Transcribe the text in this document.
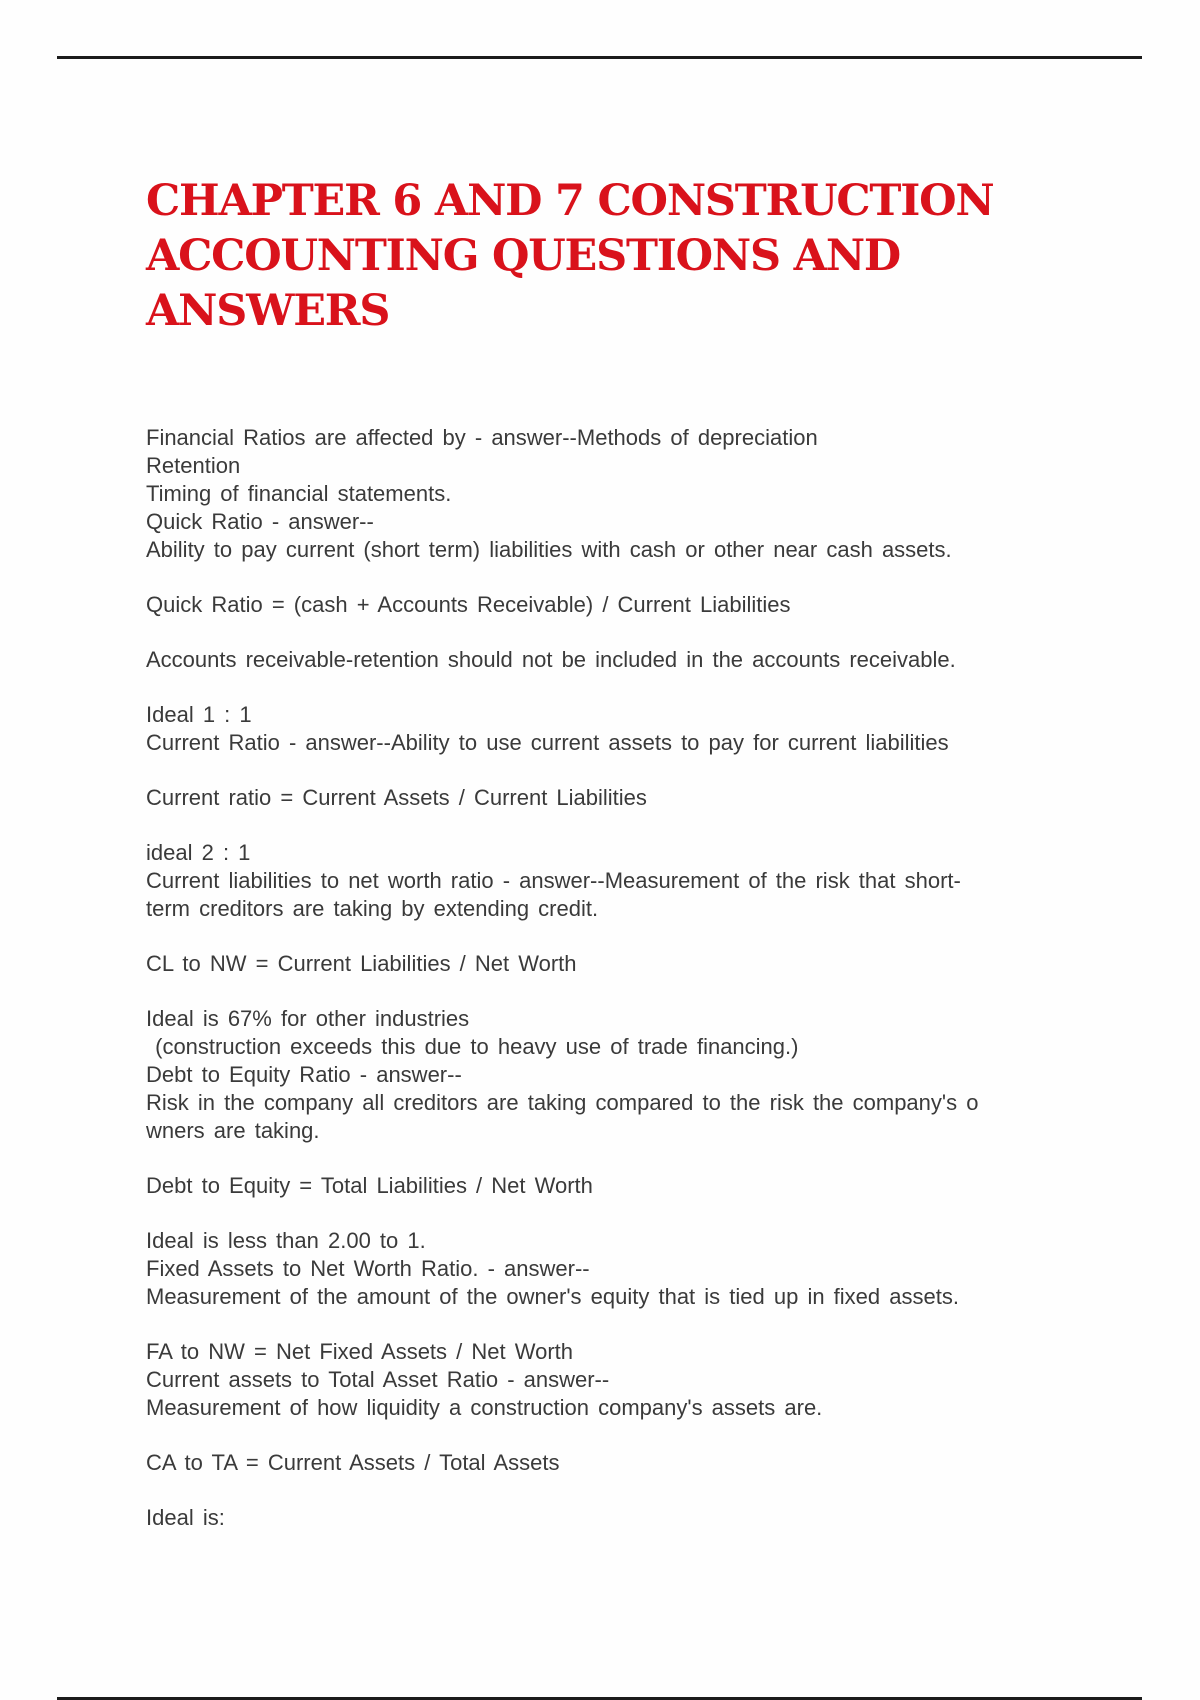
CHAPTER 6 AND 7 CONSTRUCTION
ACCOUNTING QUESTIONS AND
ANSWERS
Financial Ratios are affected by - answer--Methods of depreciation
Retention
Timing of financial statements.
Quick Ratio - answer--
Ability to pay current (short term) liabilities with cash or other near cash assets.
Quick Ratio = (cash + Accounts Receivable) / Current Liabilities
Accounts receivable-retention should not be included in the accounts receivable.
Ideal 1 : 1
Current Ratio - answer--Ability to use current assets to pay for current liabilities
Current ratio = Current Assets / Current Liabilities
ideal 2 : 1
Current liabilities to net worth ratio - answer--Measurement of the risk that short-
term creditors are taking by extending credit.
CL to NW = Current Liabilities / Net Worth
Ideal is 67% for other industries
(construction exceeds this due to heavy use of trade financing.)
Debt to Equity Ratio - answer--
Risk in the company all creditors are taking compared to the risk the company's o
wners are taking.
Debt to Equity = Total Liabilities / Net Worth
Ideal is less than 2.00 to 1.
Fixed Assets to Net Worth Ratio. - answer--
Measurement of the amount of the owner's equity that is tied up in fixed assets.
FA to NW = Net Fixed Assets / Net Worth
Current assets to Total Asset Ratio - answer--
Measurement of how liquidity a construction company's assets are.
CA to TA = Current Assets / Total Assets
Ideal is:
